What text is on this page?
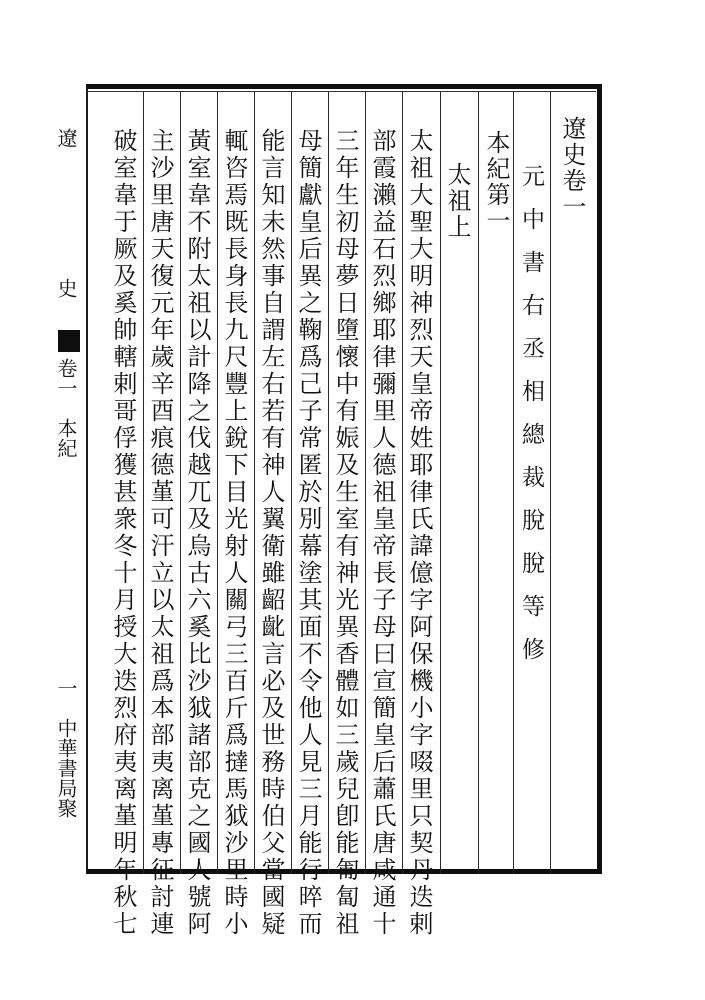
遼史卷一
元中書右丞相總裁脫脫等修
本紀第一
太祖上
太祖大聖大明神烈天皇帝姓耶律氏諱億字阿保機小字啜里只契丹迭剌
部霞瀨益石烈鄉耶律彌里人德祖皇帝長子母曰宣簡皇后蕭氏唐咸通十
三年生初母夢日墮懷中有娠及生室有神光異香體如三歲兒卽能匍匐祖
母簡獻皇后異之鞠爲己子常匿於別幕塗其面不令他人見三月能行晬而
能言知未然事自謂左右若有神人翼衛雖齠齔言必及世務時伯父當國疑
輒咨焉既長身長九尺豐上銳下目光射人關弓三百斤爲撻馬狘沙里時小
黃室韋不附太祖以計降之伐越兀及烏古六奚比沙狘諸部克之國人號阿
主沙里唐天復元年歲辛酉痕德堇可汗立以太祖爲本部夷离堇專征討連
破室韋于厥及奚帥轄剌哥俘獲甚衆冬十月授大迭烈府夷离堇明年秋七
遼
史
卷一　本紀
一　中華書局聚
